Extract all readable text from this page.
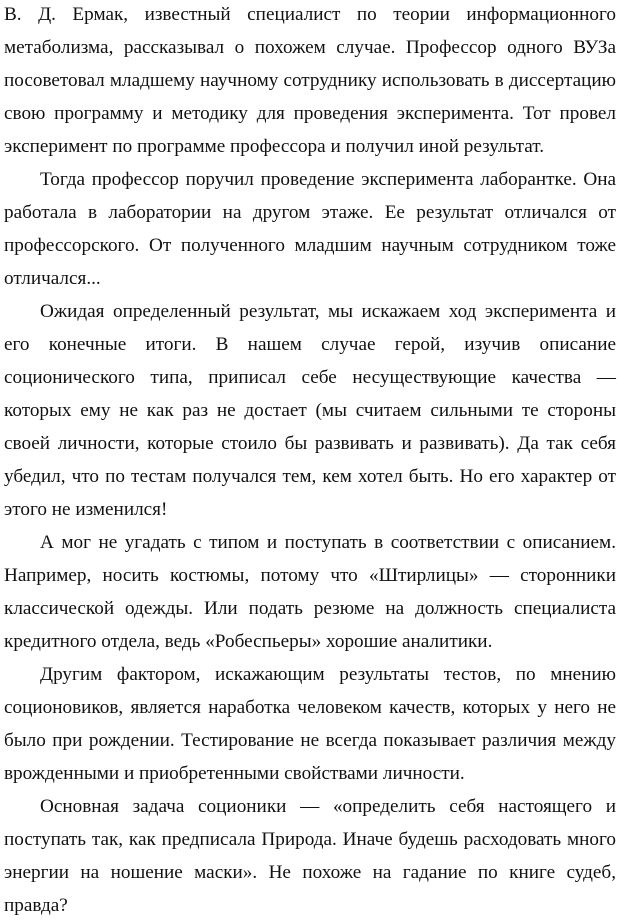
В. Д. Ермак, известный специалист по теории информационного метаболизма, рассказывал о похожем случае. Профессор одного ВУЗа посоветовал младшему научному сотруднику использовать в диссертацию свою программу и методику для проведения эксперимента. Тот провел эксперимент по программе профессора и получил иной результат.

Тогда профессор поручил проведение эксперимента лаборантке. Она работала в лаборатории на другом этаже. Ее результат отличался от профессорского. От полученного младшим научным сотрудником тоже отличался...

Ожидая определенный результат, мы искажаем ход эксперимента и его конечные итоги. В нашем случае герой, изучив описание соционического типа, приписал себе несуществующие качества — которых ему не как раз не достает (мы считаем сильными те стороны своей личности, которые стоило бы развивать и развивать). Да так себя убедил, что по тестам получался тем, кем хотел быть. Но его характер от этого не изменился!

А мог не угадать с типом и поступать в соответствии с описанием. Например, носить костюмы, потому что «Штирлицы» — сторонники классической одежды. Или подать резюме на должность специалиста кредитного отдела, ведь «Робеспьеры» хорошие аналитики.

Другим фактором, искажающим результаты тестов, по мнению соционовиков, является наработка человеком качеств, которых у него не было при рождении. Тестирование не всегда показывает различия между врожденными и приобретенными свойствами личности.

Основная задача соционики — «определить себя настоящего и поступать так, как предписала Природа. Иначе будешь расходовать много энергии на ношение маски». Не похоже на гадание по книге судеб, правда?
